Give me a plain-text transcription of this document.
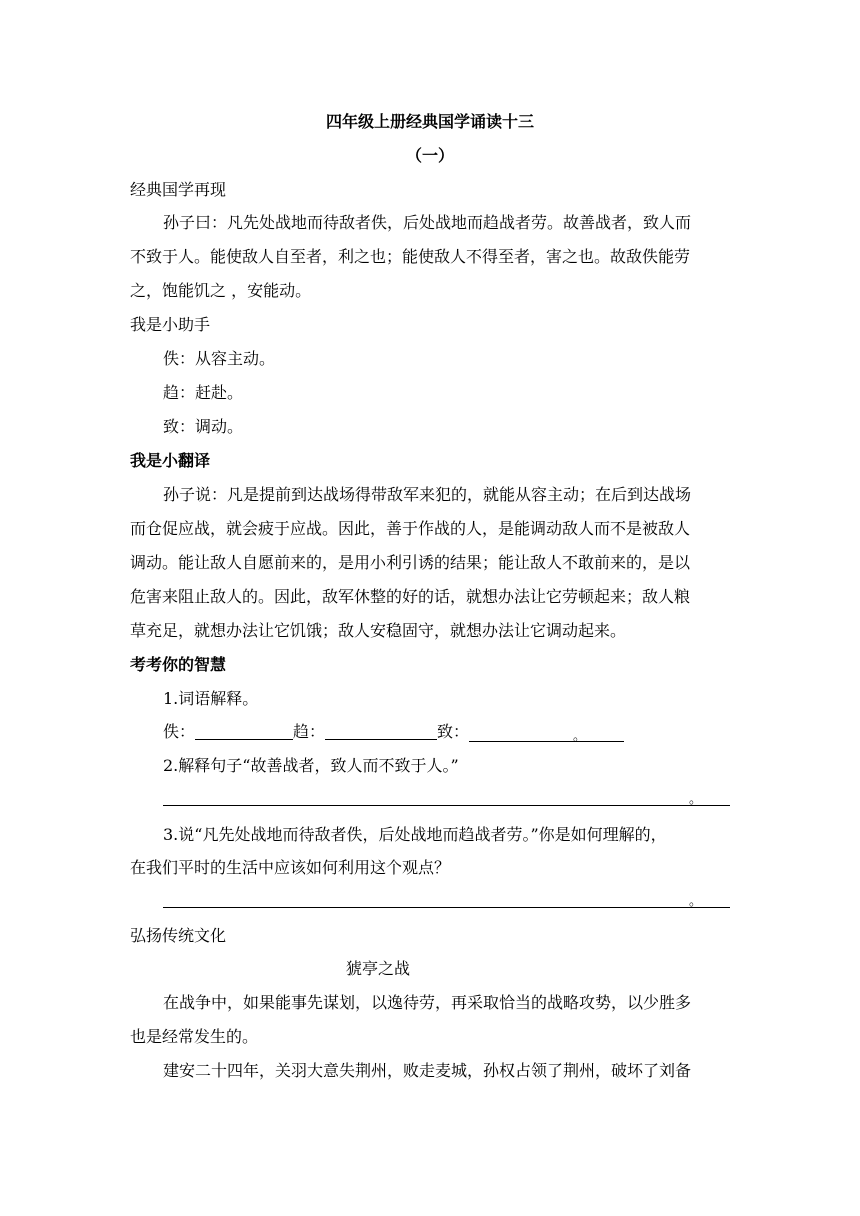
四年级上册经典国学诵读十三
（一）
经典国学再现
孙子曰：凡先处战地而待敌者佚，后处战地而趋战者劳。故善战者，致人而
不致于人。能使敌人自至者，利之也；能使敌人不得至者，害之也。故敌佚能劳
之，饱能饥之 ，安能动。
我是小助手
佚：从容主动。
趋：赶赴。
致：调动。
我是小翻译
孙子说：凡是提前到达战场得带敌军来犯的，就能从容主动；在后到达战场
而仓促应战，就会疲于应战。因此，善于作战的人，是能调动敌人而不是被敌人
调动。能让敌人自愿前来的，是用小利引诱的结果；能让敌人不敢前来的，是以
危害来阻止敌人的。因此，敌军休整的好的话，就想办法让它劳顿起来；敌人粮
草充足，就想办法让它饥饿；敌人安稳固守，就想办法让它调动起来。
考考你的智慧
1.词语解释。
佚：	趋：	致：	。
2.解释句子“故善战者，致人而不致于人。”
。
3.说“凡先处战地而待敌者佚，后处战地而趋战者劳。”你是如何理解的，
在我们平时的生活中应该如何利用这个观点？
。
弘扬传统文化
猇亭之战
在战争中，如果能事先谋划，以逸待劳，再采取恰当的战略攻势，以少胜多
也是经常发生的。
建安二十四年，关羽大意失荆州，败走麦城，孙权占领了荆州，破坏了刘备
